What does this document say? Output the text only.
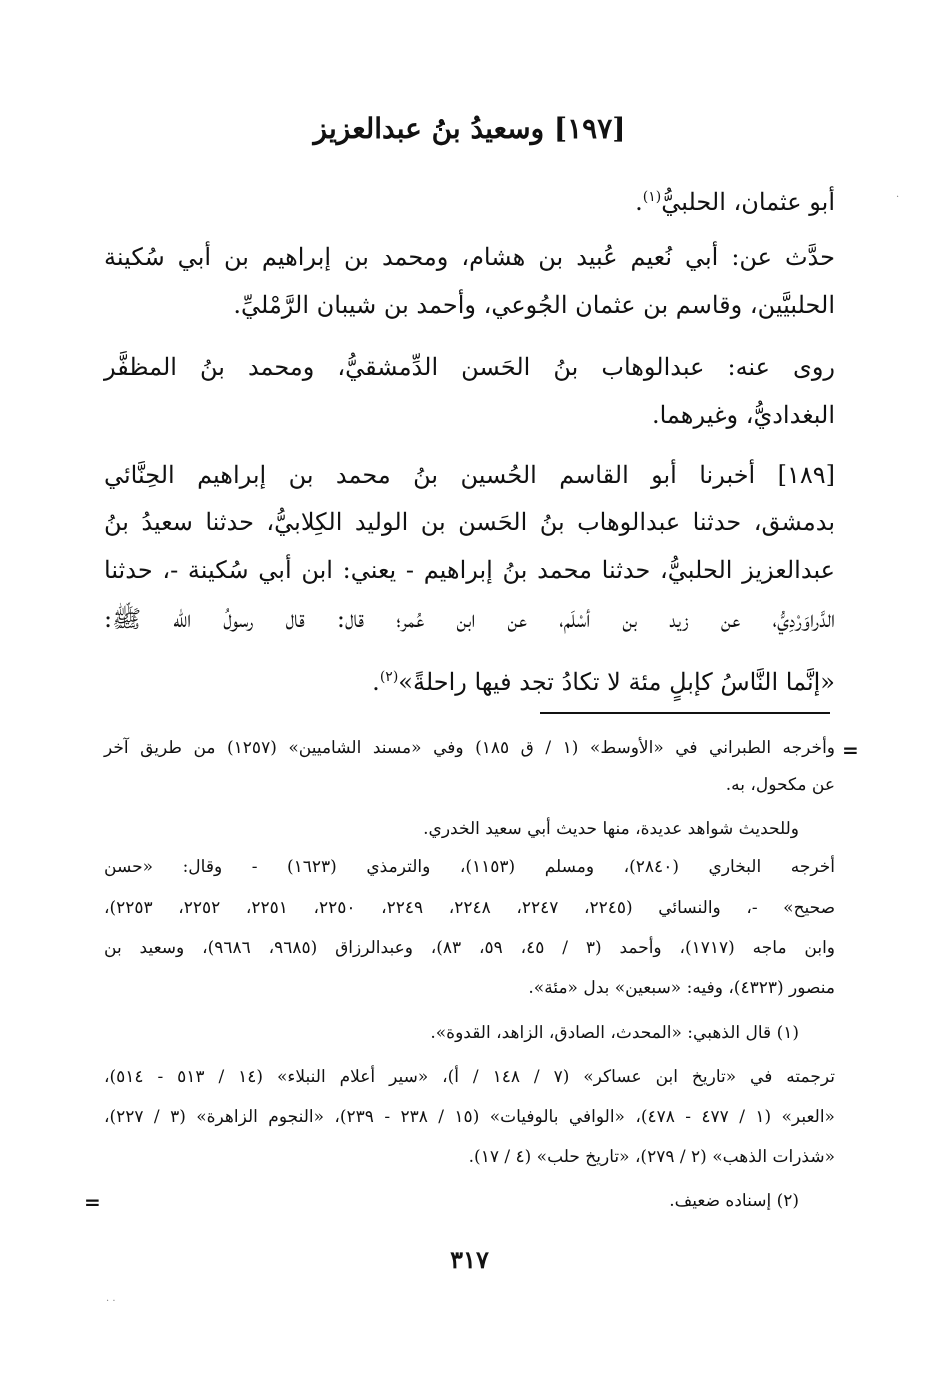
[١٩٧] وسعيدُ بنُ عبدالعزيز
أبو عثمان، الحلبيُّ$^{(١)}$.
حدَّث عن: أبي نُعيم عُبيد بن هشام، ومحمد بن إبراهيم بن أبي سُكينة
الحلبيَّين، وقاسم بن عثمان الجُوعي، وأحمد بن شيبان الرَّمْليِّ.
روى عنه: عبدالوهاب بنُ الحَسن الدِّمشقيُّ، ومحمد بنُ المظفَّر
البغداديُّ، وغيرهما.
[١٨٩] أخبرنا أبو القاسم الحُسين بنُ محمد بن إبراهيم الحِنَّائي
بدمشق، حدثنا عبدالوهاب بنُ الحَسن بن الوليد الكِلابيُّ، حدثنا سعيدُ بنُ
عبدالعزيز الحلبيُّ، حدثنا محمد بنُ إبراهيم - يعني: ابن أبي سُكينة -، حدثنا
الدَّراوَرْدِيُّ، عن زيد بن أسْلَم، عن ابن عُمر؛ قال: قال رسولُ الله ﷺ:
«إنَّما النَّاسُ كإبلٍ مئة لا تكادُ تجد فيها راحلةً»$^{(٢)}$.
=
وأخرجه الطبراني في «الأوسط» (١ / ق ١٨٥) وفي «مسند الشاميين» (١٢٥٧) من طريق آخر
عن مكحول، به.
وللحديث شواهد عديدة، منها حديث أبي سعيد الخدري.
أخرجه البخاري (٢٨٤٠)، ومسلم (١١٥٣)، والترمذي (١٦٢٣) - وقال: «حسن
صحيح» -، والنسائي (٢٢٤٥، ٢٢٤٧، ٢٢٤٨، ٢٢٤٩، ٢٢٥٠، ٢٢٥١، ٢٢٥٢، ٢٢٥٣)،
وابن ماجه (١٧١٧)، وأحمد (٣ / ٤٥، ٥٩، ٨٣)، وعبدالرزاق (٩٦٨٥، ٩٦٨٦)، وسعيد بن
منصور (٤٣٢٣)، وفيه: «سبعين» بدل «مئة».
(١) قال الذهبي: «المحدث، الصادق، الزاهد، القدوة».
ترجمته في «تاريخ ابن عساكر» (٧ / ١٤٨ / أ)، «سير أعلام النبلاء» (١٤ / ٥١٣ - ٥١٤)،
«العبر» (١ / ٤٧٧ - ٤٧٨)، «الوافي بالوفيات» (١٥ / ٢٣٨ - ٢٣٩)، «النجوم الزاهرة» (٣ / ٢٢٧)،
«شذرات الذهب» (٢ / ٢٧٩)، «تاريخ حلب» (٤ / ١٧).
(٢) إسناده ضعيف.
=
٣١٧
·
· ·
